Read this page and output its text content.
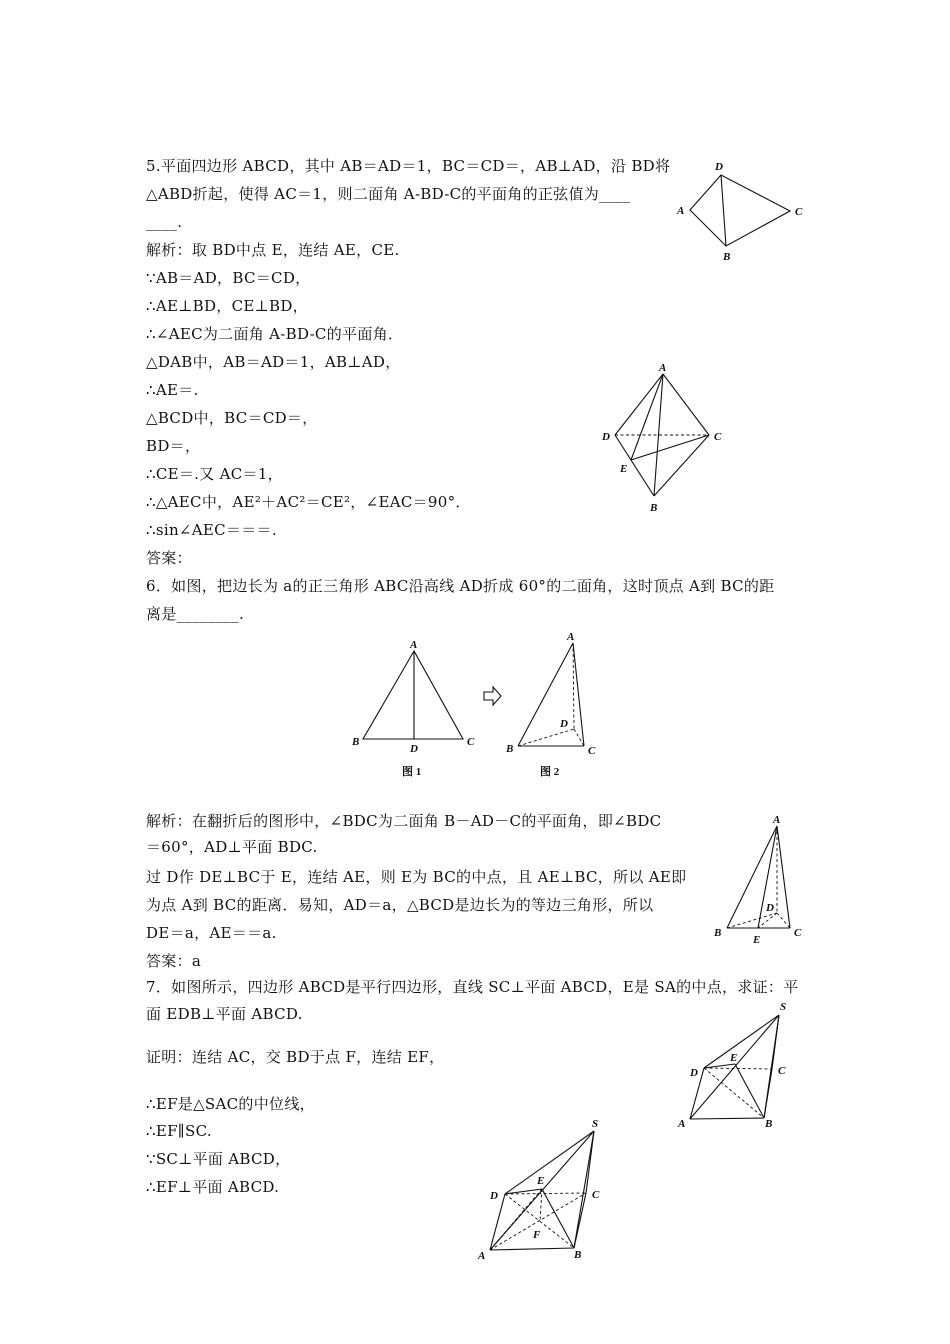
5.平面四边形 ABCD，其中 AB＝AD＝1，BC＝CD＝，AB⊥AD，沿 BD将
△ABD折起，使得 AC＝1，则二面角 A-BD-C的平面角的正弦值为____
____.
解析：取 BD中点 E，连结 AE，CE.
∵AB＝AD，BC＝CD，
∴AE⊥BD，CE⊥BD，
∴∠AEC为二面角 A-BD-C的平面角．
△DAB中，AB＝AD＝1，AB⊥AD，
∴AE＝.
△BCD中，BC＝CD＝，
BD＝，
∴CE＝.又 AC＝1，
∴△AEC中，AE²＋AC²＝CE²，∠EAC＝90°．
∴sin∠AEC＝＝＝.
答案：
D
A	C
B
A
D	C
E
B
6．如图，把边长为 a的正三角形 ABC沿高线 AD折成 60°的二面角，这时顶点 A到 BC的距
离是________.
A
B
D
C
图 1
A
D
B	C
图 2
解析：在翻折后的图形中，∠BDC为二面角 B－AD－C的平面角，即∠BDC
＝60°，AD⊥平面 BDC.
过 D作 DE⊥BC于 E，连结 AE，则 E为 BC的中点，且 AE⊥BC，所以 AE即
为点 A到 BC的距离．易知，AD＝a，△BCD是边长为的等边三角形，所以
DE＝a，AE＝＝a.
答案：a
A
D
B
E
C
7．如图所示，四边形 ABCD是平行四边形，直线 SC⊥平面 ABCD，E是 SA的中点，求证：平
面 EDB⊥平面 ABCD.
证明：连结 AC，交 BD于点 F，连结 EF，
∴EF是△SAC的中位线，
∴EF∥SC.
∵SC⊥平面 ABCD，
∴EF⊥平面 ABCD.
S
E
D	C
A	B
S
E
D	C
F
A	B
